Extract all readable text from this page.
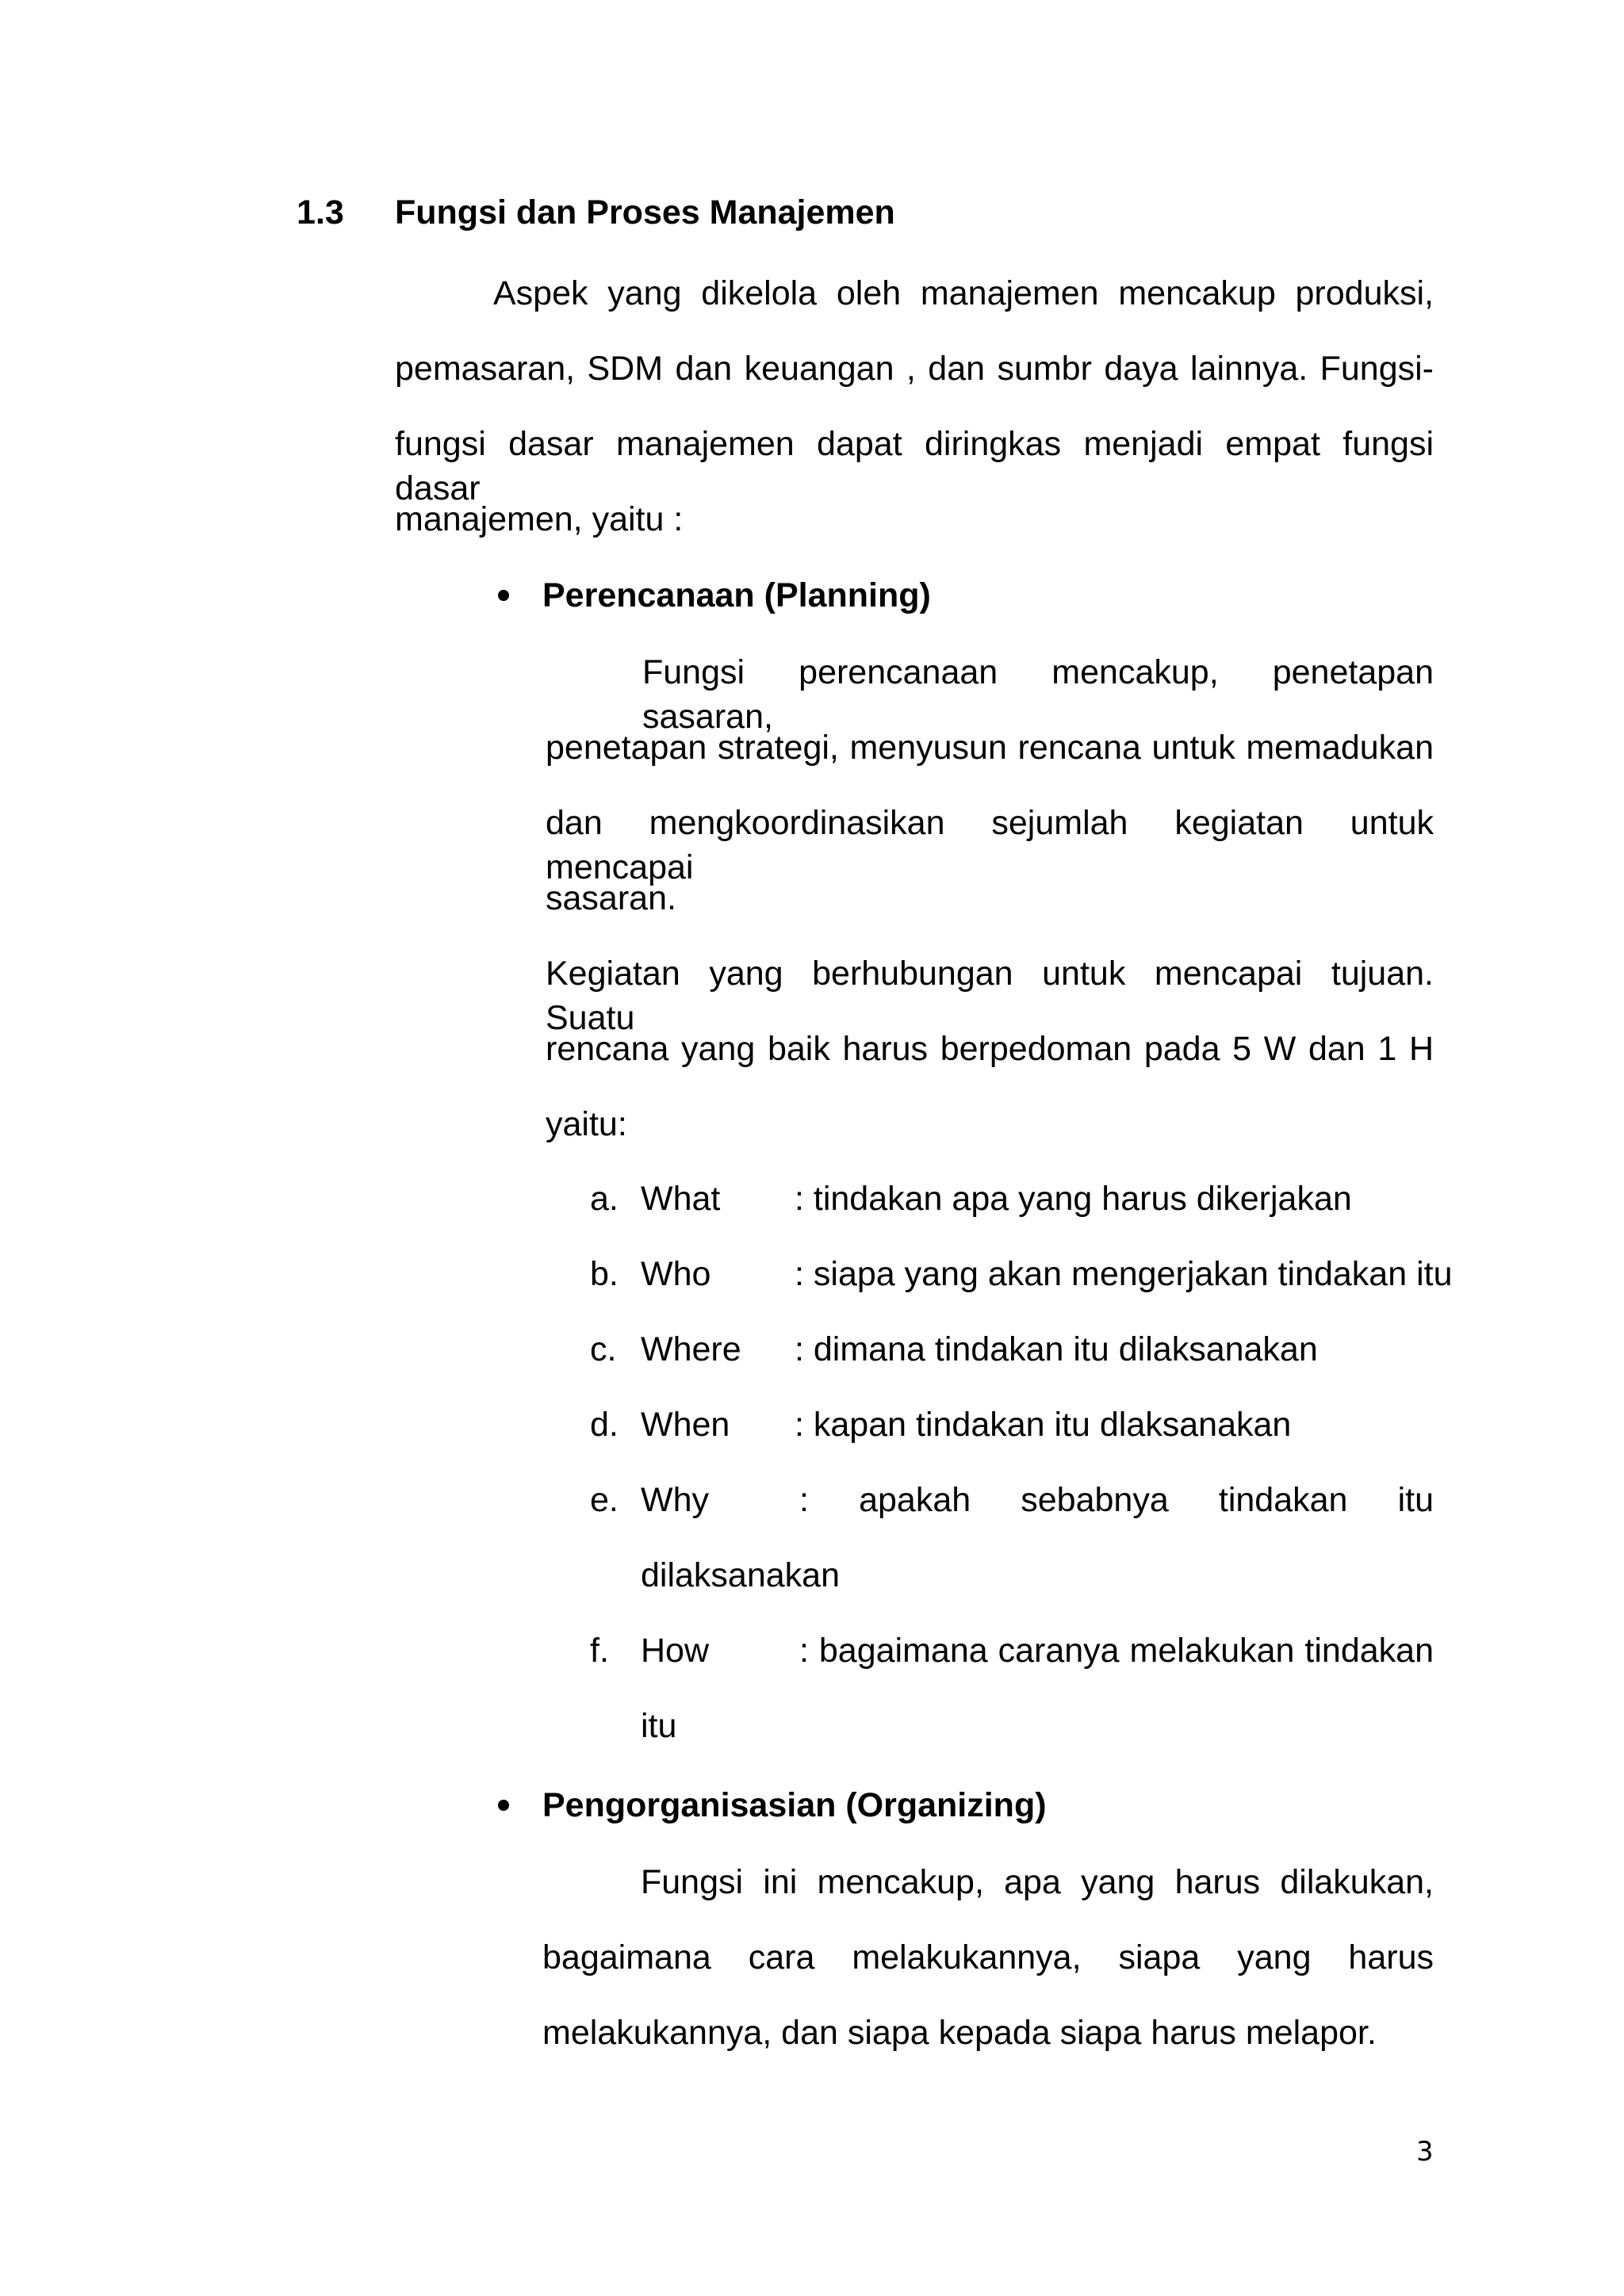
1.3 Fungsi dan Proses Manajemen
Aspek yang dikelola oleh manajemen mencakup produksi,
pemasaran, SDM dan keuangan , dan sumbr daya lainnya. Fungsi-
fungsi dasar manajemen dapat diringkas menjadi empat fungsi dasar
manajemen, yaitu :
Perencanaan (Planning)
Fungsi perencanaan mencakup, penetapan sasaran,
penetapan strategi, menyusun rencana untuk memadukan
dan mengkoordinasikan sejumlah kegiatan untuk mencapai
sasaran.
Kegiatan yang berhubungan untuk mencapai tujuan. Suatu
rencana yang baik harus berpedoman pada 5 W dan 1 H
yaitu:
a. What : tindakan apa yang harus dikerjakan
b. Who : siapa yang akan mengerjakan tindakan itu
c. Where : dimana tindakan itu dilaksanakan
d. When : kapan tindakan itu dlaksanakan
e. Why	: apakah sebabnya tindakan itu
dilaksanakan
f. How	: bagaimana caranya melakukan tindakan
itu
Pengorganisasian (Organizing)
Fungsi ini mencakup, apa yang harus dilakukan,
bagaimana cara melakukannya, siapa yang harus
melakukannya, dan siapa kepada siapa harus melapor.
3
